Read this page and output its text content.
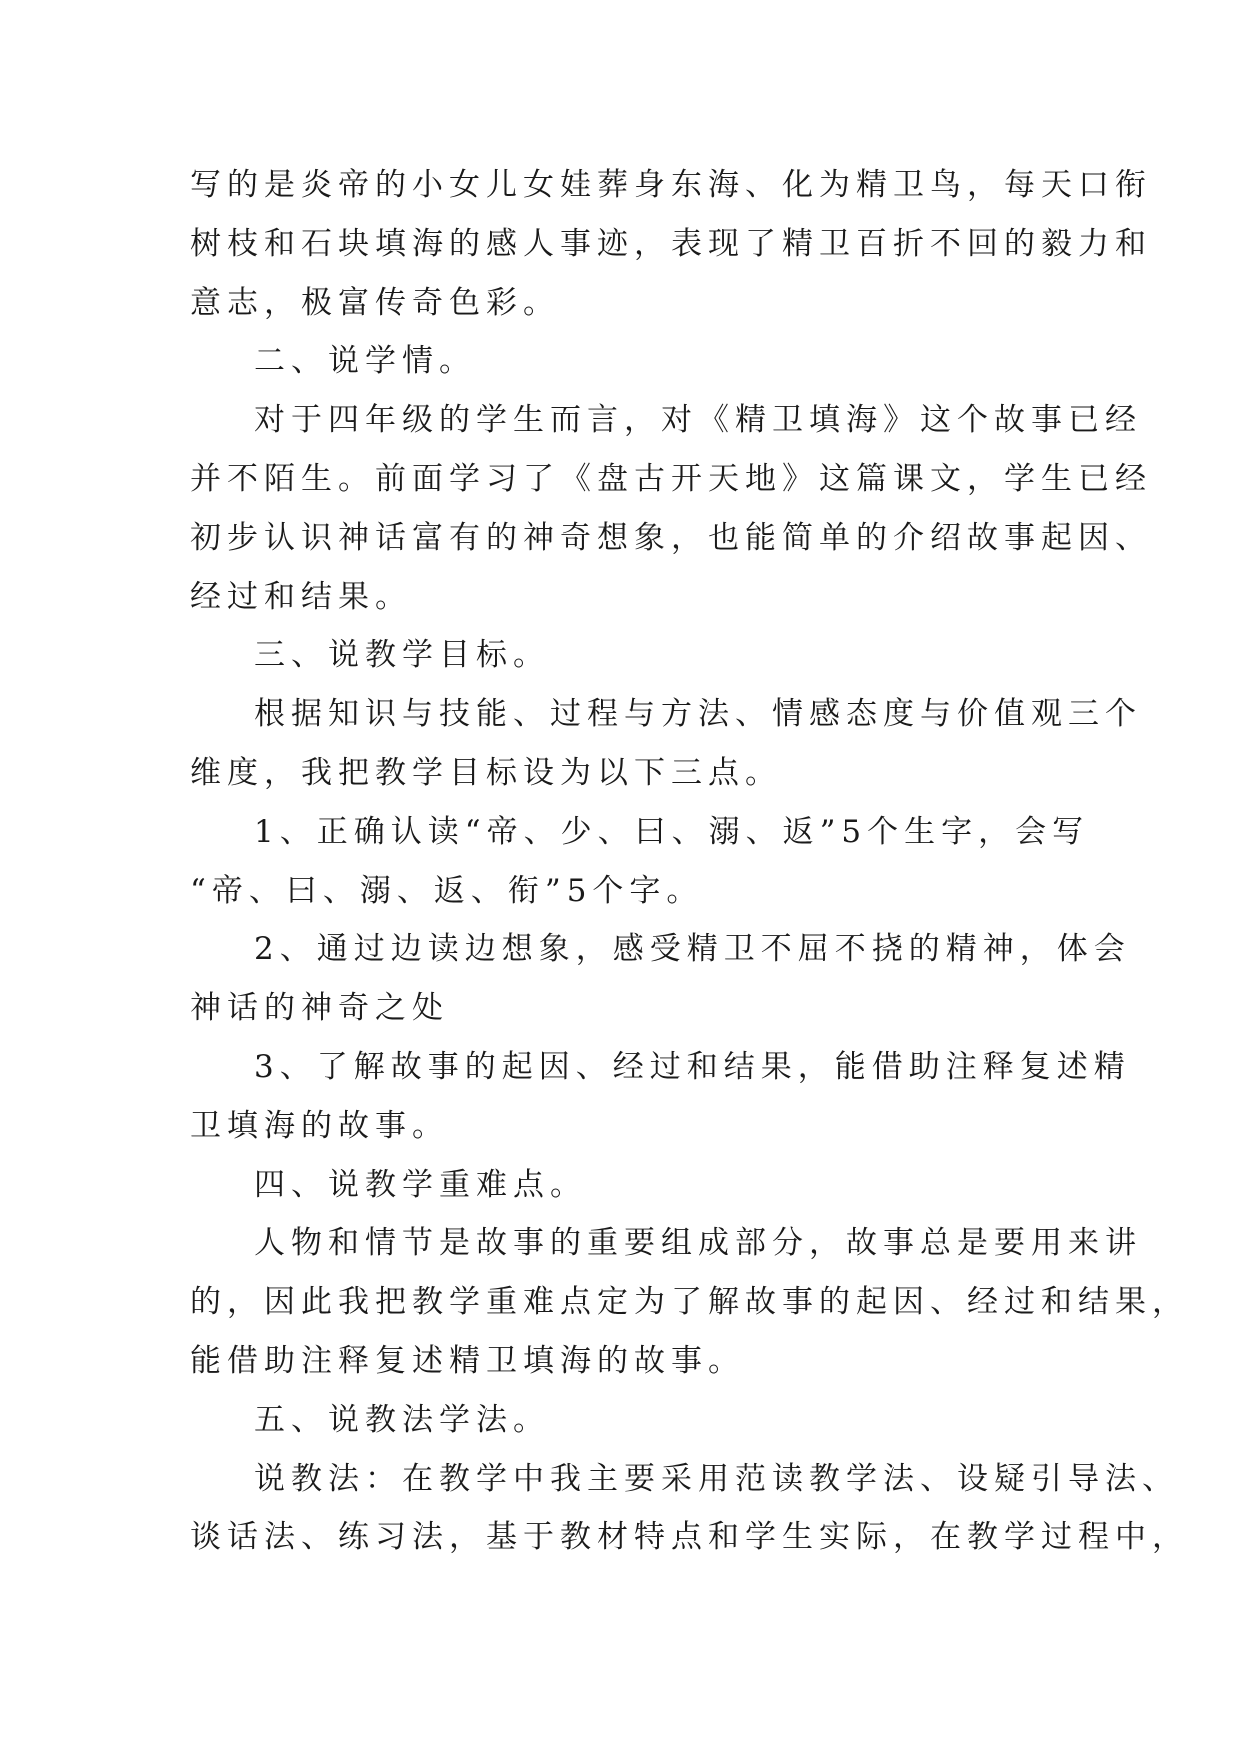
写的是炎帝的小女儿女娃葬身东海、化为精卫鸟，每天口衔
树枝和石块填海的感人事迹，表现了精卫百折不回的毅力和
意志，极富传奇色彩。
二、说学情。
对于四年级的学生而言，对《精卫填海》这个故事已经
并不陌生。前面学习了《盘古开天地》这篇课文，学生已经
初步认识神话富有的神奇想象，也能简单的介绍故事起因、
经过和结果。
三、说教学目标。
根据知识与技能、过程与方法、情感态度与价值观三个
维度，我把教学目标设为以下三点。
1、正确认读“帝、少、曰、溺、返”5个生字，会写
“帝、曰、溺、返、衔”5个字。
2、通过边读边想象，感受精卫不屈不挠的精神，体会
神话的神奇之处
3、了解故事的起因、经过和结果，能借助注释复述精
卫填海的故事。
四、说教学重难点。
人物和情节是故事的重要组成部分，故事总是要用来讲
的，因此我把教学重难点定为了解故事的起因、经过和结果，
能借助注释复述精卫填海的故事。
五、说教法学法。
说教法：在教学中我主要采用范读教学法、设疑引导法、
谈话法、练习法，基于教材特点和学生实际，在教学过程中，
